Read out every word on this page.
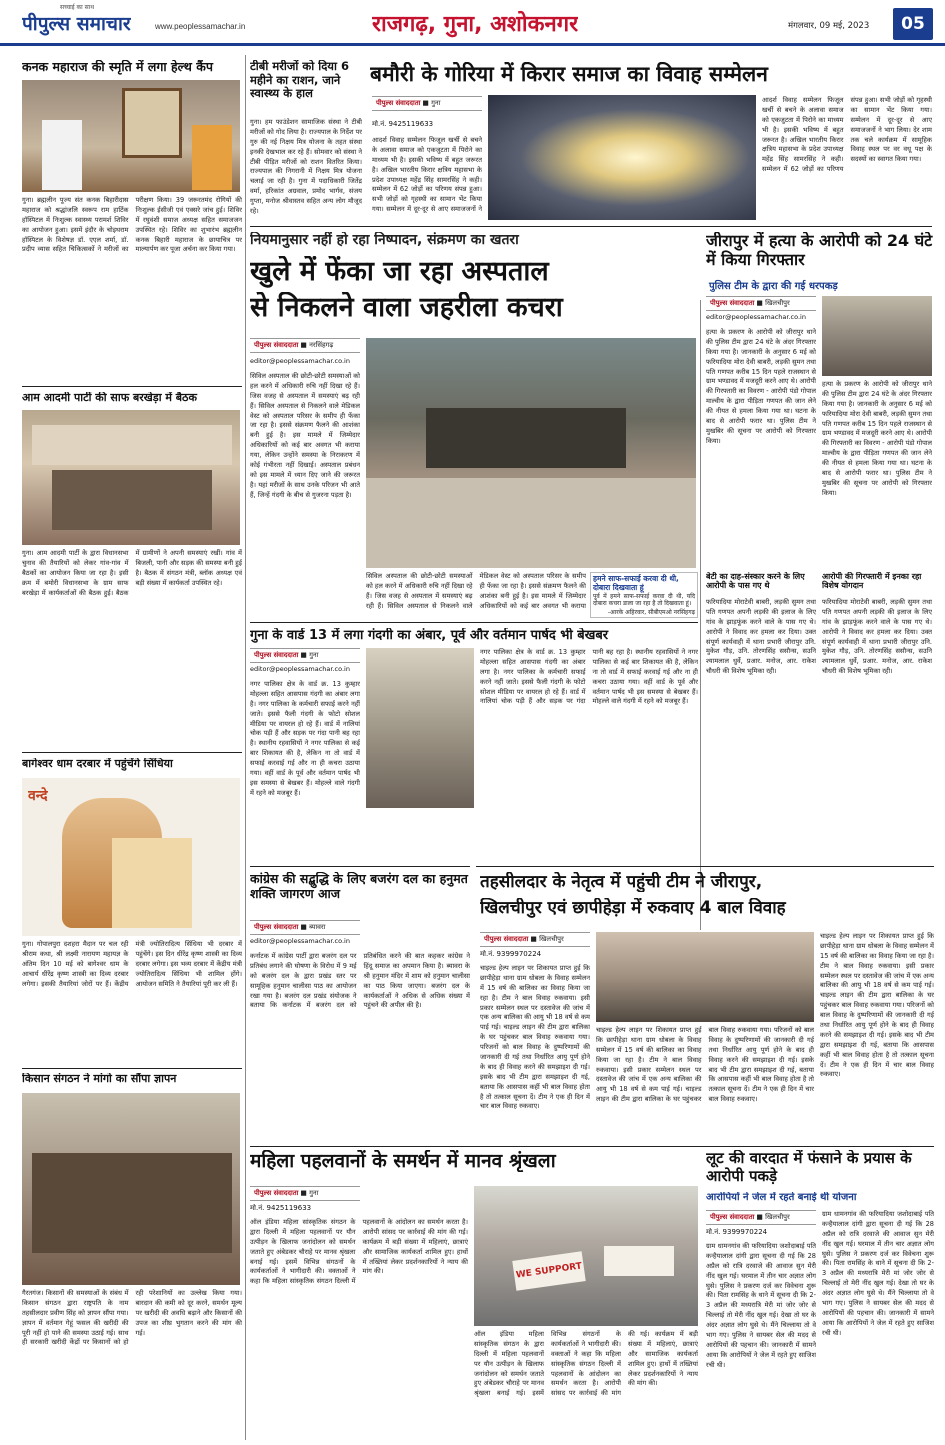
पीपुल्स समाचार
सच्चाई का साथ
www.peoplessamachar.in	राजगढ़, गुना, अशोकनगर	मंगलवार, 09 मई, 2023	05
कनक महाराज की स्मृति में लगा हेल्थ कैंप
गुना। ब्रह्मलीन पूज्य संत कनक बिहारीदास महाराज को श्रद्धांजलि स्वरूप राम हार्टिक हॉस्पिटल में निःशुल्क स्वास्थ्य परामर्श शिविर का आयोजन हुआ। इसमें इंदौर के चोइथराम हॉस्पिटल के विशेषज्ञ डॉ. एएल शर्मा, डॉ. प्रदीप व्यास सहित चिकित्सकों ने मरीजों का परीक्षण किया। 39 जरूरतमंद रोगियों की निःशुल्क ईसीजी एवं एक्सरे जांच हुई। शिविर में रघुवंशी समाज अध्यक्ष सहित समाजजन उपस्थित रहे। शिविर का शुभारंभ ब्रह्मलीन कनक बिहारी महाराज के छायाचित्र पर माल्यार्पण कर पूजा अर्चना कर किया गया।
आम आदमी पार्टी की साफ बरखेड़ा में बैठक
गुना। आम आदमी पार्टी के द्वारा विधानसभा चुनाव की तैयारियों को लेकर गांव-गांव में बैठकों का आयोजन किया जा रहा है। इसी क्रम में बमोरी विधानसभा के ग्राम साफ बरखेड़ा में कार्यकर्ताओं की बैठक हुई। बैठक में ग्रामीणों ने अपनी समस्याएं रखीं। गांव में बिजली, पानी और सड़क की समस्या बनी हुई है। बैठक में संगठन मंत्री, ब्लॉक अध्यक्ष एवं बड़ी संख्या में कार्यकर्ता उपस्थित रहे।
बागेश्वर धाम दरबार में पहुंचेंगे सिंधिया
वन्दे
गुना। गोपालपुरा दशहरा मैदान पर चल रही श्रीराम कथा, श्री लक्ष्मी नारायण महायज्ञ के अंतिम दिन 10 मई को बागेश्वर धाम के आचार्य धीरेंद्र कृष्ण शास्त्री का दिव्य दरबार लगेगा। इसकी तैयारियां जोरों पर हैं। केंद्रीय मंत्री ज्योतिरादित्य सिंधिया भी दरबार में पहुंचेंगे। इस दिन धीरेंद्र कृष्ण शास्त्री का दिव्य दरबार लगेगा। इस भव्य दरबार में केंद्रीय मंत्री ज्योतिरादित्य सिंधिया भी शामिल होंगे। आयोजन समिति ने तैयारियां पूरी कर ली हैं।
किसान संगठन ने मांगो का सौंपा ज्ञापन
गैरतगंज। किसानों की समस्याओं के संबंध में किसान संगठन द्वारा राष्ट्रपति के नाम तहसीलदार प्रवीण सिंह को ज्ञापन सौंपा गया। ज्ञापन में वर्तमान गेहूं फसल की खरीदी की पूरी नहीं हो पाने की समस्या उठाई गई। साथ ही सरकारी खरीदी केंद्रों पर किसानों को हो रही परेशानियों का उल्लेख किया गया। बारदान की कमी को दूर करने, समर्थन मूल्य पर खरीदी की अवधि बढ़ाने और किसानों की उपज का शीघ्र भुगतान करने की मांग की गई।
टीबी मरीजों को दिया 6 महीने का राशन, जाने स्वास्थ्य के हाल
गुना। हम फाउंडेशन सामाजिक संस्था ने टीबी मरीजों को गोद लिया है। राज्यपाल के निर्देश पर गुरु की नई निक्षय मित्र योजना के तहत संस्था इनकी देखभाल कर रहे हैं। सोमवार को संस्था ने टीबी पीड़ित मरीजों को राशन वितरित किया। राज्यपाल की निगरानी में निक्षय मित्र योजना चलाई जा रही है। गुना में पदाधिकारी जितेंद्र वर्मा, हरिकांत अग्रवाल, प्रमोद भार्गव, संजय गुप्ता, मनोज श्रीवास्तव सहित अन्य लोग मौजूद रहे।
बमौरी के गोरिया में किरार समाज का विवाह सम्मेलन
पीपुल्स संवाददाता ■ गुना
मो.नं. 9425119633
आदर्श विवाह सम्मेलन फिजूल खर्ची से बचने के अलावा समाज को एकजुटता में पिरोने का माध्यम भी है। इसकी भविष्य में बहुत जरूरत है। अखिल भारतीय किरार क्षत्रिय महासभा के प्रदेश उपाध्यक्ष महेंद्र सिंह सामरसिंह ने कही। सम्मेलन में 62 जोड़ों का परिणय संपन्न हुआ। सभी जोड़ों को गृहस्थी का सामान भेंट किया गया। सम्मेलन में दूर-दूर से आए समाजजनों ने
आदर्श विवाह सम्मेलन फिजूल खर्ची से बचने के अलावा समाज को एकजुटता में पिरोने का माध्यम भी है। इसकी भविष्य में बहुत जरूरत है। अखिल भारतीय किरार क्षत्रिय महासभा के प्रदेश उपाध्यक्ष महेंद्र सिंह सामरसिंह ने कही। सम्मेलन में 62 जोड़ों का परिणय संपन्न हुआ। सभी जोड़ों को गृहस्थी का सामान भेंट किया गया। सम्मेलन में दूर-दूर से आए समाजजनों ने भाग लिया। देर शाम तक चले कार्यक्रम में सामूहिक विवाह स्थल पर वर वधू पक्ष के सदस्यों का स्वागत किया गया।
नियमानुसार नहीं हो रहा निष्पादन, संक्रमण का खतरा
खुले में फेंका जा रहा अस्पताल
से निकलने वाला जहरीला कचरा
पीपुल्स संवाददाता ■ नरसिंहगढ़
editor@peoplessamachar.co.in
सिविल अस्पताल की छोटी-छोटी समस्याओं को हल करने में अधिकारी रुचि नहीं दिखा रहे हैं। जिस वजह से अस्पताल में समस्याएं बढ़ रही हैं। सिविल अस्पताल से निकलने वाले मेडिकल वेस्ट को अस्पताल परिसर के समीप ही फेंका जा रहा है। इससे संक्रमण फैलने की आशंका बनी हुई है। इस मामले में जिम्मेदार अधिकारियों को कई बार अवगत भी कराया गया, लेकिन उन्होंने समस्या के निराकरण में कोई गंभीरता नहीं दिखाई। अस्पताल प्रबंधन को इस मामले में ध्यान दिए जाने की जरूरत है। यहां मरीजों के साथ उनके परिजन भी आते हैं, जिन्हें गंदगी के बीच से गुजरना पड़ता है।
सिविल अस्पताल की छोटी-छोटी समस्याओं को हल करने में अधिकारी रुचि नहीं दिखा रहे हैं। जिस वजह से अस्पताल में समस्याएं बढ़ रही हैं। सिविल अस्पताल से निकलने वाले मेडिकल वेस्ट को अस्पताल परिसर के समीप ही फेंका जा रहा है। इससे संक्रमण फैलने की आशंका बनी हुई है। इस मामले में जिम्मेदार अधिकारियों को कई बार अवगत भी कराया
हमने साफ-सफाई करवा दी थी, दोबारा दिखवाता हूं
पूर्व में हमने साफ-सफाई करवा दी थी, यदि दोबारा कचरा डाला जा रहा है तो दिखवाता हूं।
-आरके अहिरवार, सीबीएमओ नरसिंहगढ़
गुना के वार्ड 13 में लगा गंदगी का अंबार, पूर्व और वर्तमान पार्षद भी बेखबर
पीपुल्स संवाददाता ■ गुना
editor@peoplessamachar.co.in
नगर पालिका क्षेत्र के वार्ड क्र. 13 कुम्हार मोहल्ला सहित आसपास गंदगी का अंबार लगा है। नगर पालिका के कर्मचारी सफाई करने नहीं जाते। इससे फैली गंदगी के फोटो सोशल मीडिया पर वायरल हो रहे हैं। वार्ड में नालियां चोक पड़ी हैं और सड़क पर गंदा पानी बह रहा है। स्थानीय रहवासियों ने नगर पालिका से कई बार शिकायत की है, लेकिन ना तो वार्ड में सफाई करवाई गई और ना ही कचरा उठाया गया। वहीं वार्ड के पूर्व और वर्तमान पार्षद भी इस समस्या से बेखबर हैं। मोहल्ले वाले गंदगी में रहने को मजबूर हैं।
नगर पालिका क्षेत्र के वार्ड क्र. 13 कुम्हार मोहल्ला सहित आसपास गंदगी का अंबार लगा है। नगर पालिका के कर्मचारी सफाई करने नहीं जाते। इससे फैली गंदगी के फोटो सोशल मीडिया पर वायरल हो रहे हैं। वार्ड में नालियां चोक पड़ी हैं और सड़क पर गंदा पानी बह रहा है। स्थानीय रहवासियों ने नगर पालिका से कई बार शिकायत की है, लेकिन ना तो वार्ड में सफाई करवाई गई और ना ही कचरा उठाया गया। वहीं वार्ड के पूर्व और वर्तमान पार्षद भी इस समस्या से बेखबर हैं। मोहल्ले वाले गंदगी में रहने को मजबूर हैं।
कांग्रेस की सद्बुद्धि के लिए बजरंग दल का हनुमत शक्ति जागरण आज
पीपुल्स संवाददाता ■ ब्यावरा
editor@peoplessamachar.co.in
कर्नाटक में कांग्रेस पार्टी द्वारा बजरंग दल पर प्रतिबंध लगाने की घोषणा के विरोध में 9 मई को बजरंग दल के द्वारा प्रखंड स्तर पर सामूहिक हनुमान चालीसा पाठ का आयोजन रखा गया है। बजरंग दल प्रखंड संयोजक ने बताया कि कर्नाटक में बजरंग दल को प्रतिबंधित करने की बात कहकर कांग्रेस ने हिंदू समाज का अपमान किया है। ब्यावरा के श्री हनुमान मंदिर में शाम को हनुमान चालीसा का पाठ किया जाएगा। बजरंग दल के कार्यकर्ताओं ने अधिक से अधिक संख्या में पहुंचने की अपील की है।
जीरापुर में हत्या के आरोपी को 24 घंटे में किया गिरफ्तार
पुलिस टीम के द्वारा की गई धरपकड़
पीपुल्स संवाददाता ■ खिलचीपुर
editor@peoplessamachar.co.in
हत्या के प्रकरण के आरोपी को जीरापुर थाने की पुलिस टीम द्वारा 24 घंटे के अंदर गिरफ्तार किया गया है। जानकारी के अनुसार 6 मई को फरियादिया मोरा देवी बाबरी, लड़की सुमन तथा पति गणपत करीब 15 दिन पहले राजस्थान से ग्राम भण्डावद में मजदूरी करने आए थे। आरोपी की गिरफ्तारी का विवरण - आरोपी पंडो गोपाल माल्वीय के द्वारा पीड़िता गणपत की जान लेने की नीयत से हमला किया गया था। घटना के बाद से आरोपी फरार था। पुलिस टीम ने मुखबिर की सूचना पर आरोपी को गिरफ्तार किया।
हत्या के प्रकरण के आरोपी को जीरापुर थाने की पुलिस टीम द्वारा 24 घंटे के अंदर गिरफ्तार किया गया है। जानकारी के अनुसार 6 मई को फरियादिया मोरा देवी बाबरी, लड़की सुमन तथा पति गणपत करीब 15 दिन पहले राजस्थान से ग्राम भण्डावद में मजदूरी करने आए थे। आरोपी की गिरफ्तारी का विवरण - आरोपी पंडो गोपाल माल्वीय के द्वारा पीड़िता गणपत की जान लेने की नीयत से हमला किया गया था। घटना के बाद से आरोपी फरार था। पुलिस टीम ने मुखबिर की सूचना पर आरोपी को गिरफ्तार किया।
बेटी का दाह-संस्कार करने के लिए आरोपी के पास गए थे
फरियादिया मोराटेवी बाबरी, लड़की सुमन तथा पति गणपत अपनी लड़की की इलाज के लिए गांव के झाड़फूंक करने वाले के पास गए थे। आरोपी ने विवाद कर हमला कर दिया। उक्त संपूर्ण कार्यवाही में थाना प्रभारी जीरापुर उनि. मुकेश गौड़, उनि. तोरणसिंह ससौन्स, सउनि श्यामलाल धुर्वे, प्रआर. मनोज, आर. राकेश चौधरी की विशेष भूमिका रही।
आरोपी की गिरफ्तारी में इनका रहा विशेष योगदान
फरियादिया मोराटेवी बाबरी, लड़की सुमन तथा पति गणपत अपनी लड़की की इलाज के लिए गांव के झाड़फूंक करने वाले के पास गए थे। आरोपी ने विवाद कर हमला कर दिया। उक्त संपूर्ण कार्यवाही में थाना प्रभारी जीरापुर उनि. मुकेश गौड़, उनि. तोरणसिंह ससौन्स, सउनि श्यामलाल धुर्वे, प्रआर. मनोज, आर. राकेश चौधरी की विशेष भूमिका रही।
तहसीलदार के नेतृत्व में पहुंची टीम ने जीरापुर,
खिलचीपुर एवं छापीहेड़ा में रुकवाए 4 बाल विवाह
पीपुल्स संवाददाता ■ खिलचीपुर
मो.नं. 9399970224
चाइल्ड हेल्प लाइन पर शिकायत प्राप्त हुई कि छापीहेड़ा थाना ग्राम धोबला के विवाह सम्मेलन में 15 वर्ष की बालिका का विवाह किया जा रहा है। टीम ने बाल विवाह रुकवाया। इसी प्रकार सम्मेलन स्थल पर दस्तावेज की जांच में एक अन्य बालिका की आयु भी 18 वर्ष से कम पाई गई। चाइल्ड लाइन की टीम द्वारा बालिका के घर पहुंचकर बाल विवाह रुकवाया गया। परिजनों को बाल विवाह के दुष्परिणामों की जानकारी दी गई तथा निर्धारित आयु पूर्ण होने के बाद ही विवाह करने की समझाइश दी गई। इसके बाद भी टीम द्वारा समझाइश दी गई, बताया कि आसपास कहीं भी बाल विवाह होता है तो तत्काल सूचना दें। टीम ने एक ही दिन में चार बाल विवाह रुकवाए।
चाइल्ड हेल्प लाइन पर शिकायत प्राप्त हुई कि छापीहेड़ा थाना ग्राम धोबला के विवाह सम्मेलन में 15 वर्ष की बालिका का विवाह किया जा रहा है। टीम ने बाल विवाह रुकवाया। इसी प्रकार सम्मेलन स्थल पर दस्तावेज की जांच में एक अन्य बालिका की आयु भी 18 वर्ष से कम पाई गई। चाइल्ड लाइन की टीम द्वारा बालिका के घर पहुंचकर बाल विवाह रुकवाया गया। परिजनों को बाल विवाह के दुष्परिणामों की जानकारी दी गई तथा निर्धारित आयु पूर्ण होने के बाद ही विवाह करने की समझाइश दी गई। इसके बाद भी टीम द्वारा समझाइश दी गई, बताया कि आसपास कहीं भी बाल विवाह होता है तो तत्काल सूचना दें। टीम ने एक ही दिन में चार बाल विवाह रुकवाए।
चाइल्ड हेल्प लाइन पर शिकायत प्राप्त हुई कि छापीहेड़ा थाना ग्राम धोबला के विवाह सम्मेलन में 15 वर्ष की बालिका का विवाह किया जा रहा है। टीम ने बाल विवाह रुकवाया। इसी प्रकार सम्मेलन स्थल पर दस्तावेज की जांच में एक अन्य बालिका की आयु भी 18 वर्ष से कम पाई गई। चाइल्ड लाइन की टीम द्वारा बालिका के घर पहुंचकर बाल विवाह रुकवाया गया। परिजनों को बाल विवाह के दुष्परिणामों की जानकारी दी गई तथा निर्धारित आयु पूर्ण होने के बाद ही विवाह करने की समझाइश दी गई। इसके बाद भी टीम द्वारा समझाइश दी गई, बताया कि आसपास कहीं भी बाल विवाह होता है तो तत्काल सूचना दें। टीम ने एक ही दिन में चार बाल विवाह रुकवाए।
महिला पहलवानों के समर्थन में मानव श्रृंखला
पीपुल्स संवाददाता ■ गुना
मो.नं. 9425119633
ऑल इंडिया महिला सांस्कृतिक संगठन के द्वारा दिल्ली में महिला पहलवानों पर यौन उत्पीड़न के खिलाफ जनांदोलन को समर्थन जताते हुए अंबेडकर चौराहे पर मानव श्रृंखला बनाई गई। इसमें विभिन्न संगठनों के कार्यकर्ताओं ने भागीदारी की। वक्ताओं ने कहा कि महिला सांस्कृतिक संगठन दिल्ली में पहलवानों के आंदोलन का समर्थन करता है। आरोपी सांसद पर कार्रवाई की मांग की गई। कार्यक्रम में बड़ी संख्या में महिलाएं, छात्राएं और सामाजिक कार्यकर्ता शामिल हुए। हाथों में तख्तियां लेकर प्रदर्शनकारियों ने न्याय की मांग की।	WE SUPPORT
ऑल इंडिया महिला सांस्कृतिक संगठन के द्वारा दिल्ली में महिला पहलवानों पर यौन उत्पीड़न के खिलाफ जनांदोलन को समर्थन जताते हुए अंबेडकर चौराहे पर मानव श्रृंखला बनाई गई। इसमें विभिन्न संगठनों के कार्यकर्ताओं ने भागीदारी की। वक्ताओं ने कहा कि महिला सांस्कृतिक संगठन दिल्ली में पहलवानों के आंदोलन का समर्थन करता है। आरोपी सांसद पर कार्रवाई की मांग की गई। कार्यक्रम में बड़ी संख्या में महिलाएं, छात्राएं और सामाजिक कार्यकर्ता शामिल हुए। हाथों में तख्तियां लेकर प्रदर्शनकारियों ने न्याय की मांग की।
लूट की वारदात में फंसाने के प्रयास के आरोपी पकड़े
आरोपियों ने जेल में रहते बनाई थी योजना
पीपुल्स संवाददाता ■ खिलचीपुर
मो.नं. 9399970224
ग्राम धामनगांव की फरियादिया जशोदाबाई पति कन्हैयालाल दांगी द्वारा सूचना दी गई कि 28 अप्रैल को रात्रि दरवाजे की आवाज सुन मेरी नींद खुल गई। घरमाल में तीन चार अज्ञात लोग घुसे। पुलिस ने प्रकरण दर्ज कर विवेचना शुरू की। पिता रामसिंह के थाने में सूचना दी कि 2-3 अप्रैल की मध्यरात्रि मेरी मां जोर जोर से चिल्लाई तो मेरी नींद खुल गई। देखा तो घर के अंदर अज्ञात लोग घुसे थे। मैंने चिल्लाया तो वे भाग गए। पुलिस ने सायबर सेल की मदद से आरोपियों की पहचान की। जानकारी में सामने आया कि आरोपियों ने जेल में रहते हुए साजिश रची थी।
ग्राम धामनगांव की फरियादिया जशोदाबाई पति कन्हैयालाल दांगी द्वारा सूचना दी गई कि 28 अप्रैल को रात्रि दरवाजे की आवाज सुन मेरी नींद खुल गई। घरमाल में तीन चार अज्ञात लोग घुसे। पुलिस ने प्रकरण दर्ज कर विवेचना शुरू की। पिता रामसिंह के थाने में सूचना दी कि 2-3 अप्रैल की मध्यरात्रि मेरी मां जोर जोर से चिल्लाई तो मेरी नींद खुल गई। देखा तो घर के अंदर अज्ञात लोग घुसे थे। मैंने चिल्लाया तो वे भाग गए। पुलिस ने सायबर सेल की मदद से आरोपियों की पहचान की। जानकारी में सामने आया कि आरोपियों ने जेल में रहते हुए साजिश रची थी।
